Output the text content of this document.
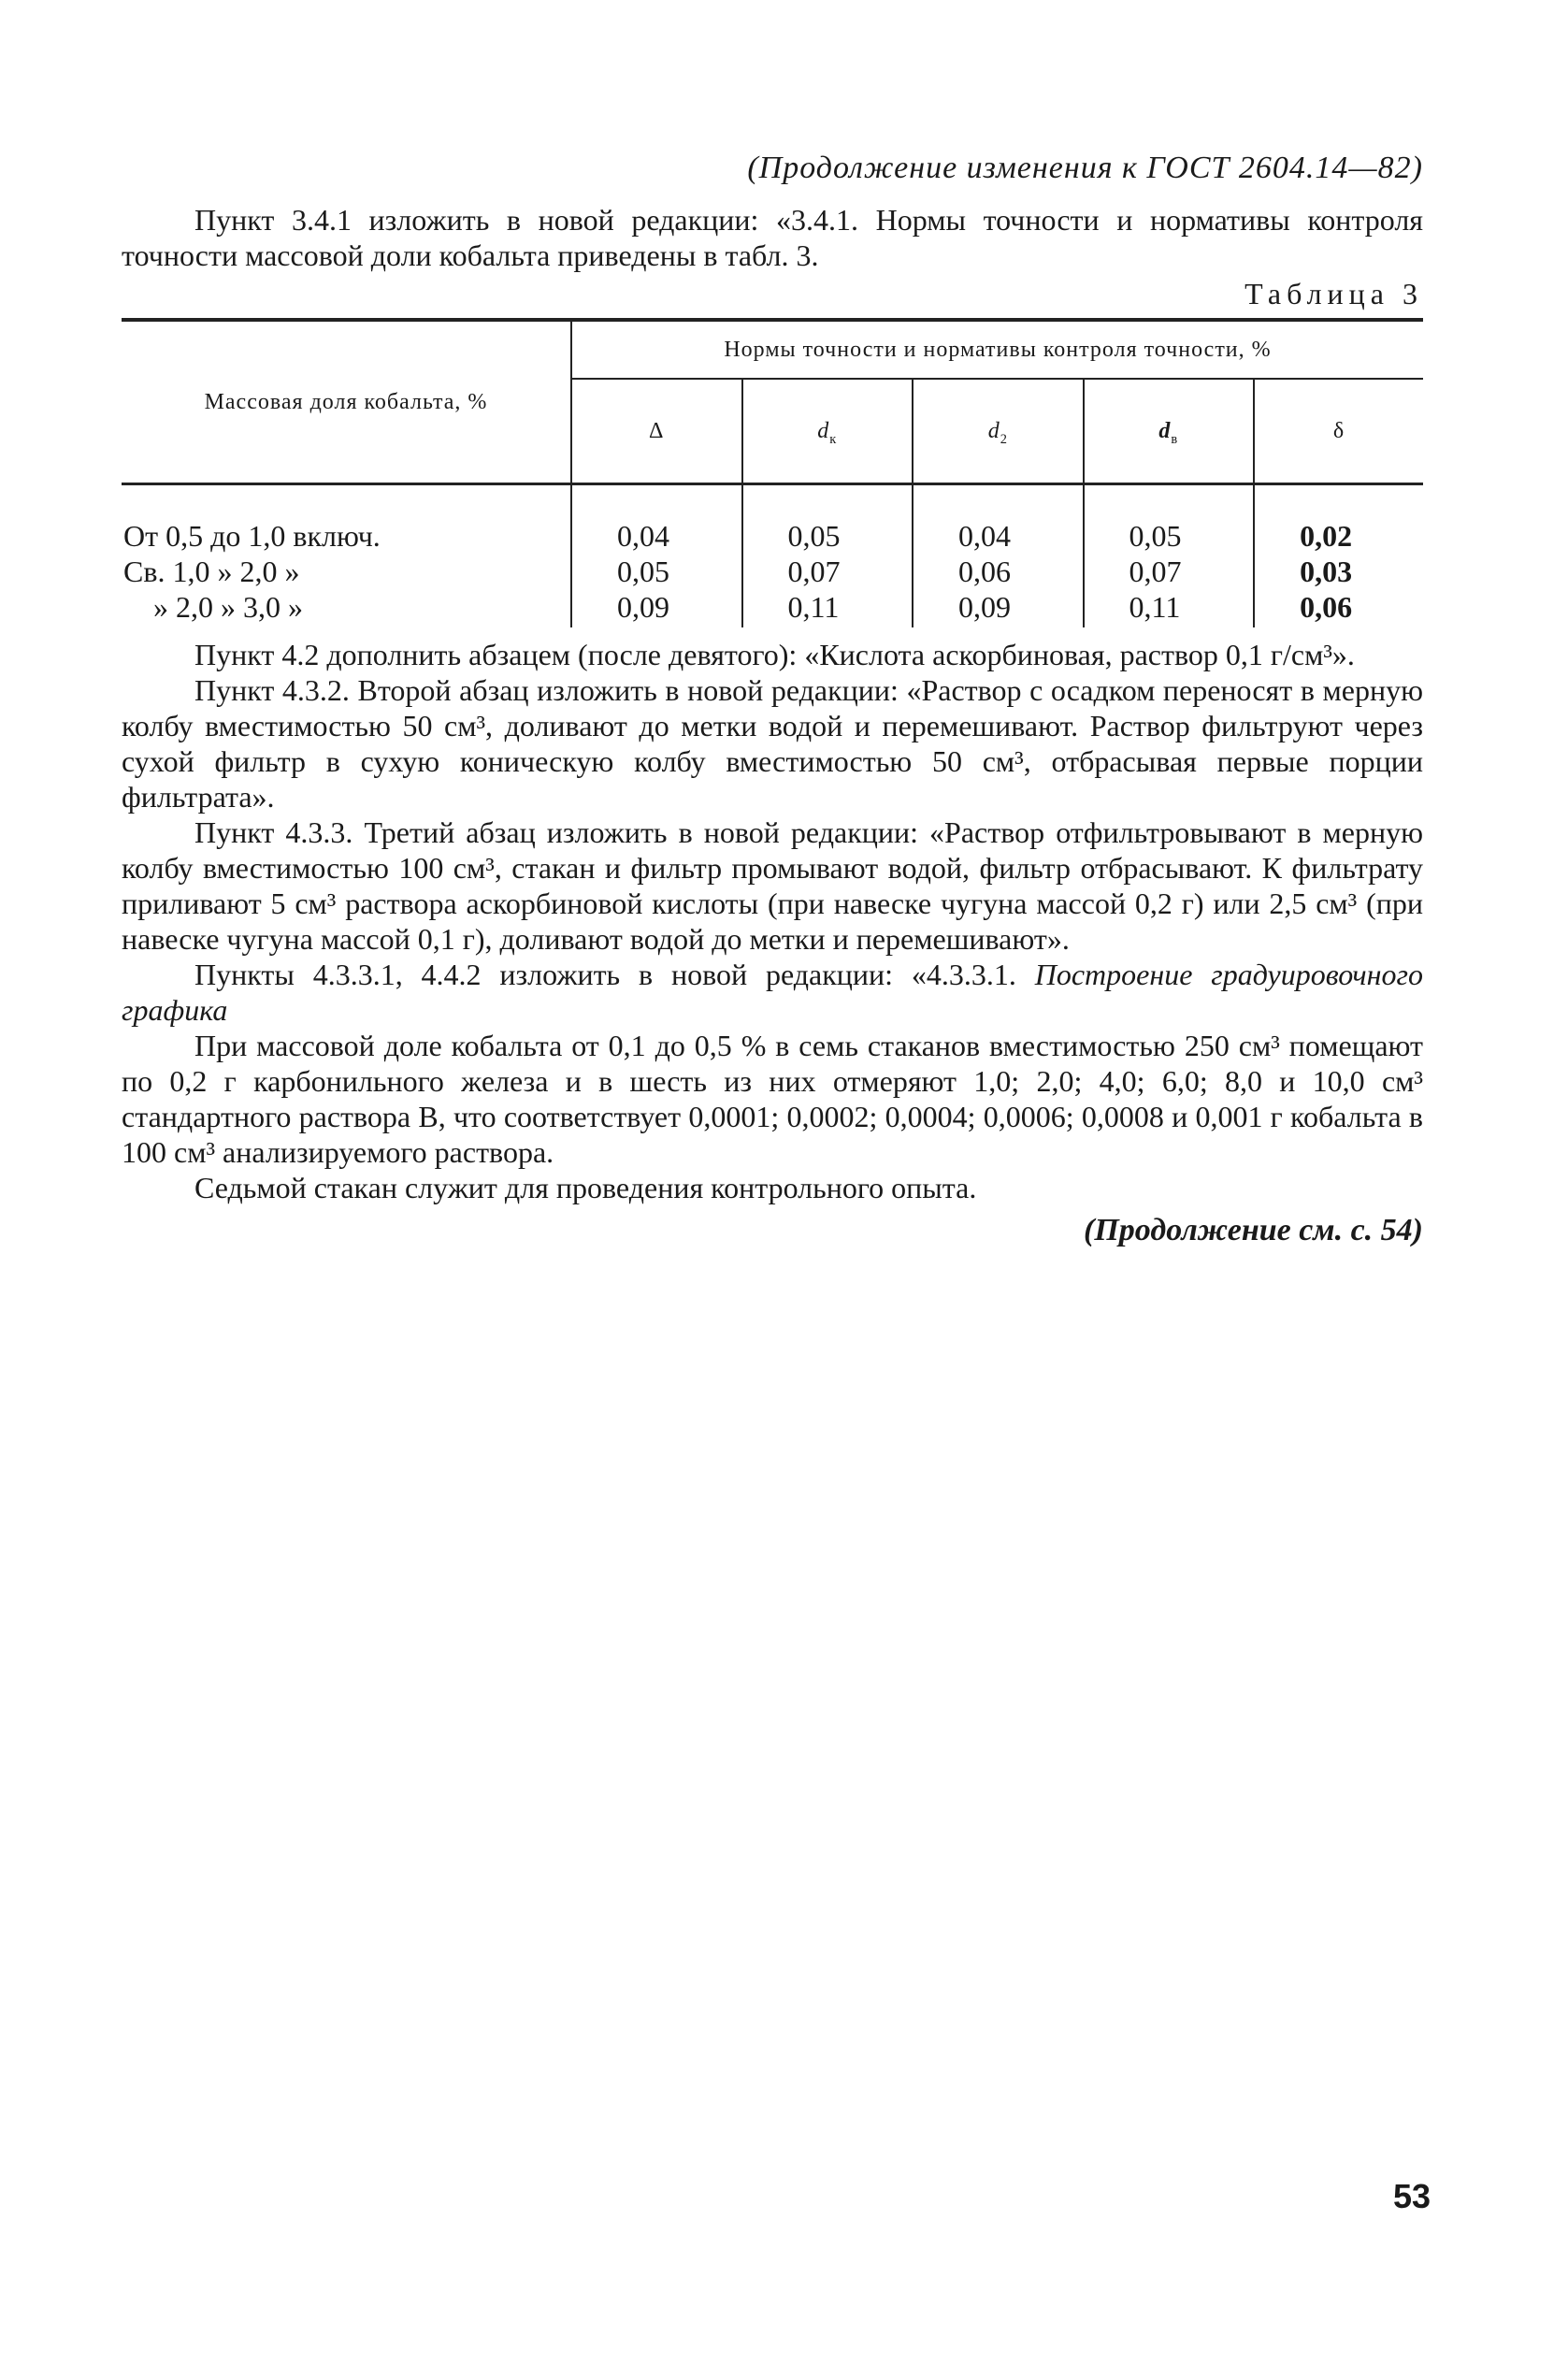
(Продолжение изменения к ГОСТ 2604.14—82)

Пункт 3.4.1 изложить в новой редакции: «3.4.1. Нормы точности и нормативы контроля точности массовой доли кобальта приведены в табл. 3.

Таблица 3

Массовая доля кобальта, %	Нормы точности и нормативы контроля точности, %				
	Δ	$d_к$	$d_2$	$d_в$	δ
От 0,5 до 1,0 включ.	0,04	0,05	0,04	0,05	0,02
Св. 1,0 » 2,0 »	0,05	0,07	0,06	0,07	0,03
» 2,0 » 3,0 »	0,09	0,11	0,09	0,11	0,06

Пункт 4.2 дополнить абзацем (после девятого): «Кислота аскорбиновая, раствор 0,1 г/см³».

Пункт 4.3.2. Второй абзац изложить в новой редакции: «Раствор с осадком переносят в мерную колбу вместимостью 50 см³, доливают до метки водой и перемешивают. Раствор фильтруют через сухой фильтр в сухую коническую колбу вместимостью 50 см³, отбрасывая первые порции фильтрата».

Пункт 4.3.3. Третий абзац изложить в новой редакции: «Раствор отфильтровывают в мерную колбу вместимостью 100 см³, стакан и фильтр промывают водой, фильтр отбрасывают. К фильтрату приливают 5 см³ раствора аскорбиновой кислоты (при навеске чугуна массой 0,2 г) или 2,5 см³ (при навеске чугуна массой 0,1 г), доливают водой до метки и перемешивают».

Пункты 4.3.3.1, 4.4.2 изложить в новой редакции: «4.3.3.1. Построение градуировочного графика

При массовой доле кобальта от 0,1 до 0,5 % в семь стаканов вместимостью 250 см³ помещают по 0,2 г карбонильного железа и в шесть из них отмеряют 1,0; 2,0; 4,0; 6,0; 8,0 и 10,0 см³ стандартного раствора В, что соответствует 0,0001; 0,0002; 0,0004; 0,0006; 0,0008 и 0,001 г кобальта в 100 см³ анализируемого раствора.

Седьмой стакан служит для проведения контрольного опыта.

(Продолжение см. с. 54)

53
